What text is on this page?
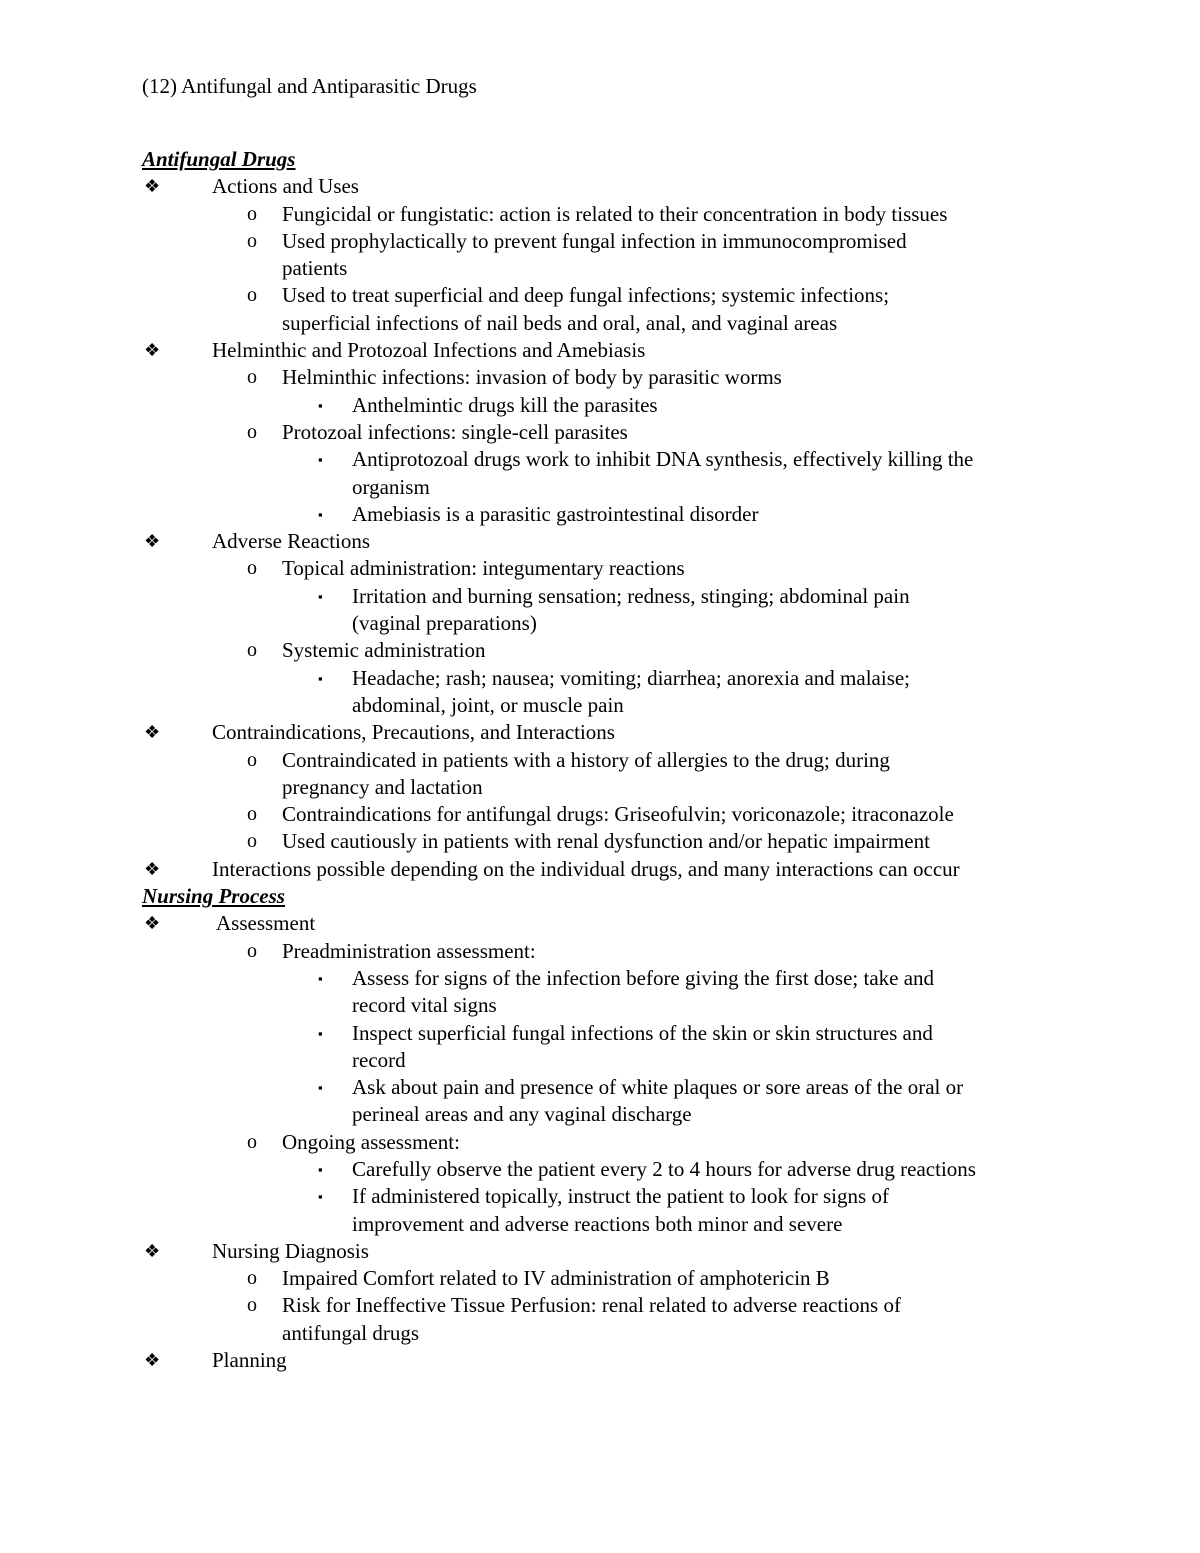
(12) Antifungal and Antiparasitic Drugs
Antifungal Drugs
❖ Actions and Uses
o Fungicidal or fungistatic: action is related to their concentration in body tissues
o Used prophylactically to prevent fungal infection in immunocompromised
patients
o Used to treat superficial and deep fungal infections; systemic infections;
superficial infections of nail beds and oral, anal, and vaginal areas
❖ Helminthic and Protozoal Infections and Amebiasis
o Helminthic infections: invasion of body by parasitic worms
▪ Anthelmintic drugs kill the parasites
o Protozoal infections: single-cell parasites
▪ Antiprotozoal drugs work to inhibit DNA synthesis, effectively killing the
organism
▪ Amebiasis is a parasitic gastrointestinal disorder
❖ Adverse Reactions
o Topical administration: integumentary reactions
▪ Irritation and burning sensation; redness, stinging; abdominal pain
(vaginal preparations)
o Systemic administration
▪ Headache; rash; nausea; vomiting; diarrhea; anorexia and malaise;
abdominal, joint, or muscle pain
❖ Contraindications, Precautions, and Interactions
o Contraindicated in patients with a history of allergies to the drug; during
pregnancy and lactation
o Contraindications for antifungal drugs: Griseofulvin; voriconazole; itraconazole
o Used cautiously in patients with renal dysfunction and/or hepatic impairment
❖ Interactions possible depending on the individual drugs, and many interactions can occur
Nursing Process
❖	Assessment
o Preadministration assessment:
▪ Assess for signs of the infection before giving the first dose; take and
record vital signs
▪ Inspect superficial fungal infections of the skin or skin structures and
record
▪ Ask about pain and presence of white plaques or sore areas of the oral or
perineal areas and any vaginal discharge
o Ongoing assessment:
▪ Carefully observe the patient every 2 to 4 hours for adverse drug reactions
▪ If administered topically, instruct the patient to look for signs of
improvement and adverse reactions both minor and severe
❖ Nursing Diagnosis
o Impaired Comfort related to IV administration of amphotericin B
o Risk for Ineffective Tissue Perfusion: renal related to adverse reactions of
antifungal drugs
❖ Planning
